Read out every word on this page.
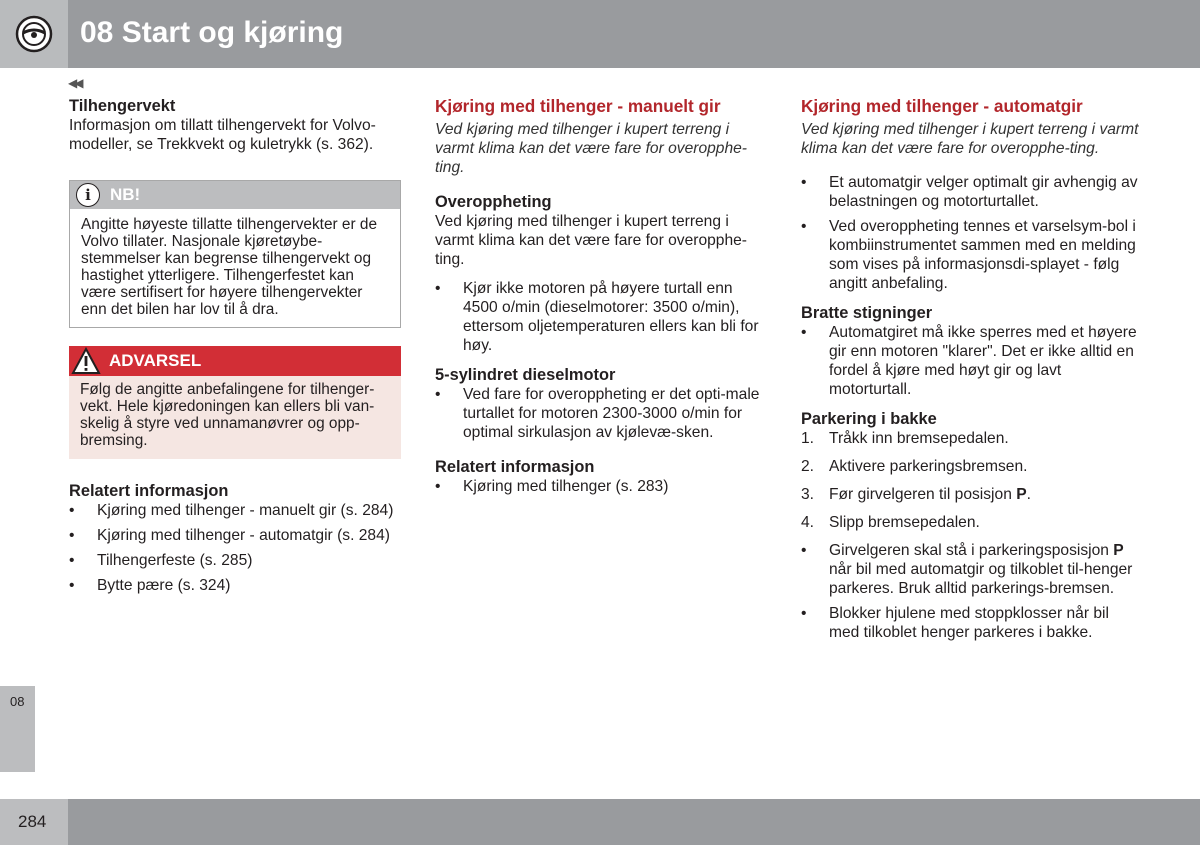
08 Start og kjøring
◀◀
Tilhengervekt

Informasjon om tillatt tilhengervekt for Volvo-modeller, se Trekkvekt og kuletrykk (s. 362).

i	NB!
Angitte høyeste tillatte tilhengervekter er de Volvo tillater. Nasjonale kjøretøybe-stemmelser kan begrense tilhengervekt og hastighet ytterligere. Tilhengerfestet kan være sertifisert for høyere tilhengervekter enn det bilen har lov til å dra.
ADVARSEL
Følg de angitte anbefalingene for tilhenger-vekt. Hele kjøredoningen kan ellers bli van-skelig å styre ved unnamanøvrer og opp-bremsing.
Relatert informasjon
•	Kjøring med tilhenger - manuelt gir (s. 284)
•	Kjøring med tilhenger - automatgir (s. 284)
•	Tilhengerfeste (s. 285)
•	Bytte pære (s. 324)
Kjøring med tilhenger - manuelt gir

Ved kjøring med tilhenger i kupert terreng i varmt klima kan det være fare for overopphe-ting.

Overoppheting

Ved kjøring med tilhenger i kupert terreng i varmt klima kan det være fare for overopphe-ting.

•	Kjør ikke motoren på høyere turtall enn 4500 o/min (dieselmotorer: 3500 o/min), ettersom oljetemperaturen ellers kan bli for høy.
5-sylindret dieselmotor
•	Ved fare for overoppheting er det opti-male turtallet for motoren 2300-3000 o/min for optimal sirkulasjon av kjølevæ-sken.
Relatert informasjon
•	Kjøring med tilhenger (s. 283)
Kjøring med tilhenger - automatgir

Ved kjøring med tilhenger i kupert terreng i varmt klima kan det være fare for overopphe-ting.

•	Et automatgir velger optimalt gir avhengig av belastningen og motorturtallet.
•	Ved overoppheting tennes et varselsym-bol i kombiinstrumentet sammen med en melding som vises på informasjonsdi-splayet - følg angitt anbefaling.
Bratte stigninger
•	Automatgiret må ikke sperres med et høyere gir enn motoren "klarer". Det er ikke alltid en fordel å kjøre med høyt gir og lavt motorturtall.
Parkering i bakke
1. Tråkk inn bremsepedalen.
2. Aktivere parkeringsbremsen.
3. Før girvelgeren til posisjon P.
4. Slipp bremsepedalen.
•	Girvelgeren skal stå i parkeringsposisjon P når bil med automatgir og tilkoblet til-henger parkeres. Bruk alltid parkerings-bremsen.
•	Blokker hjulene med stoppklosser når bil med tilkoblet henger parkeres i bakke.
08
284
